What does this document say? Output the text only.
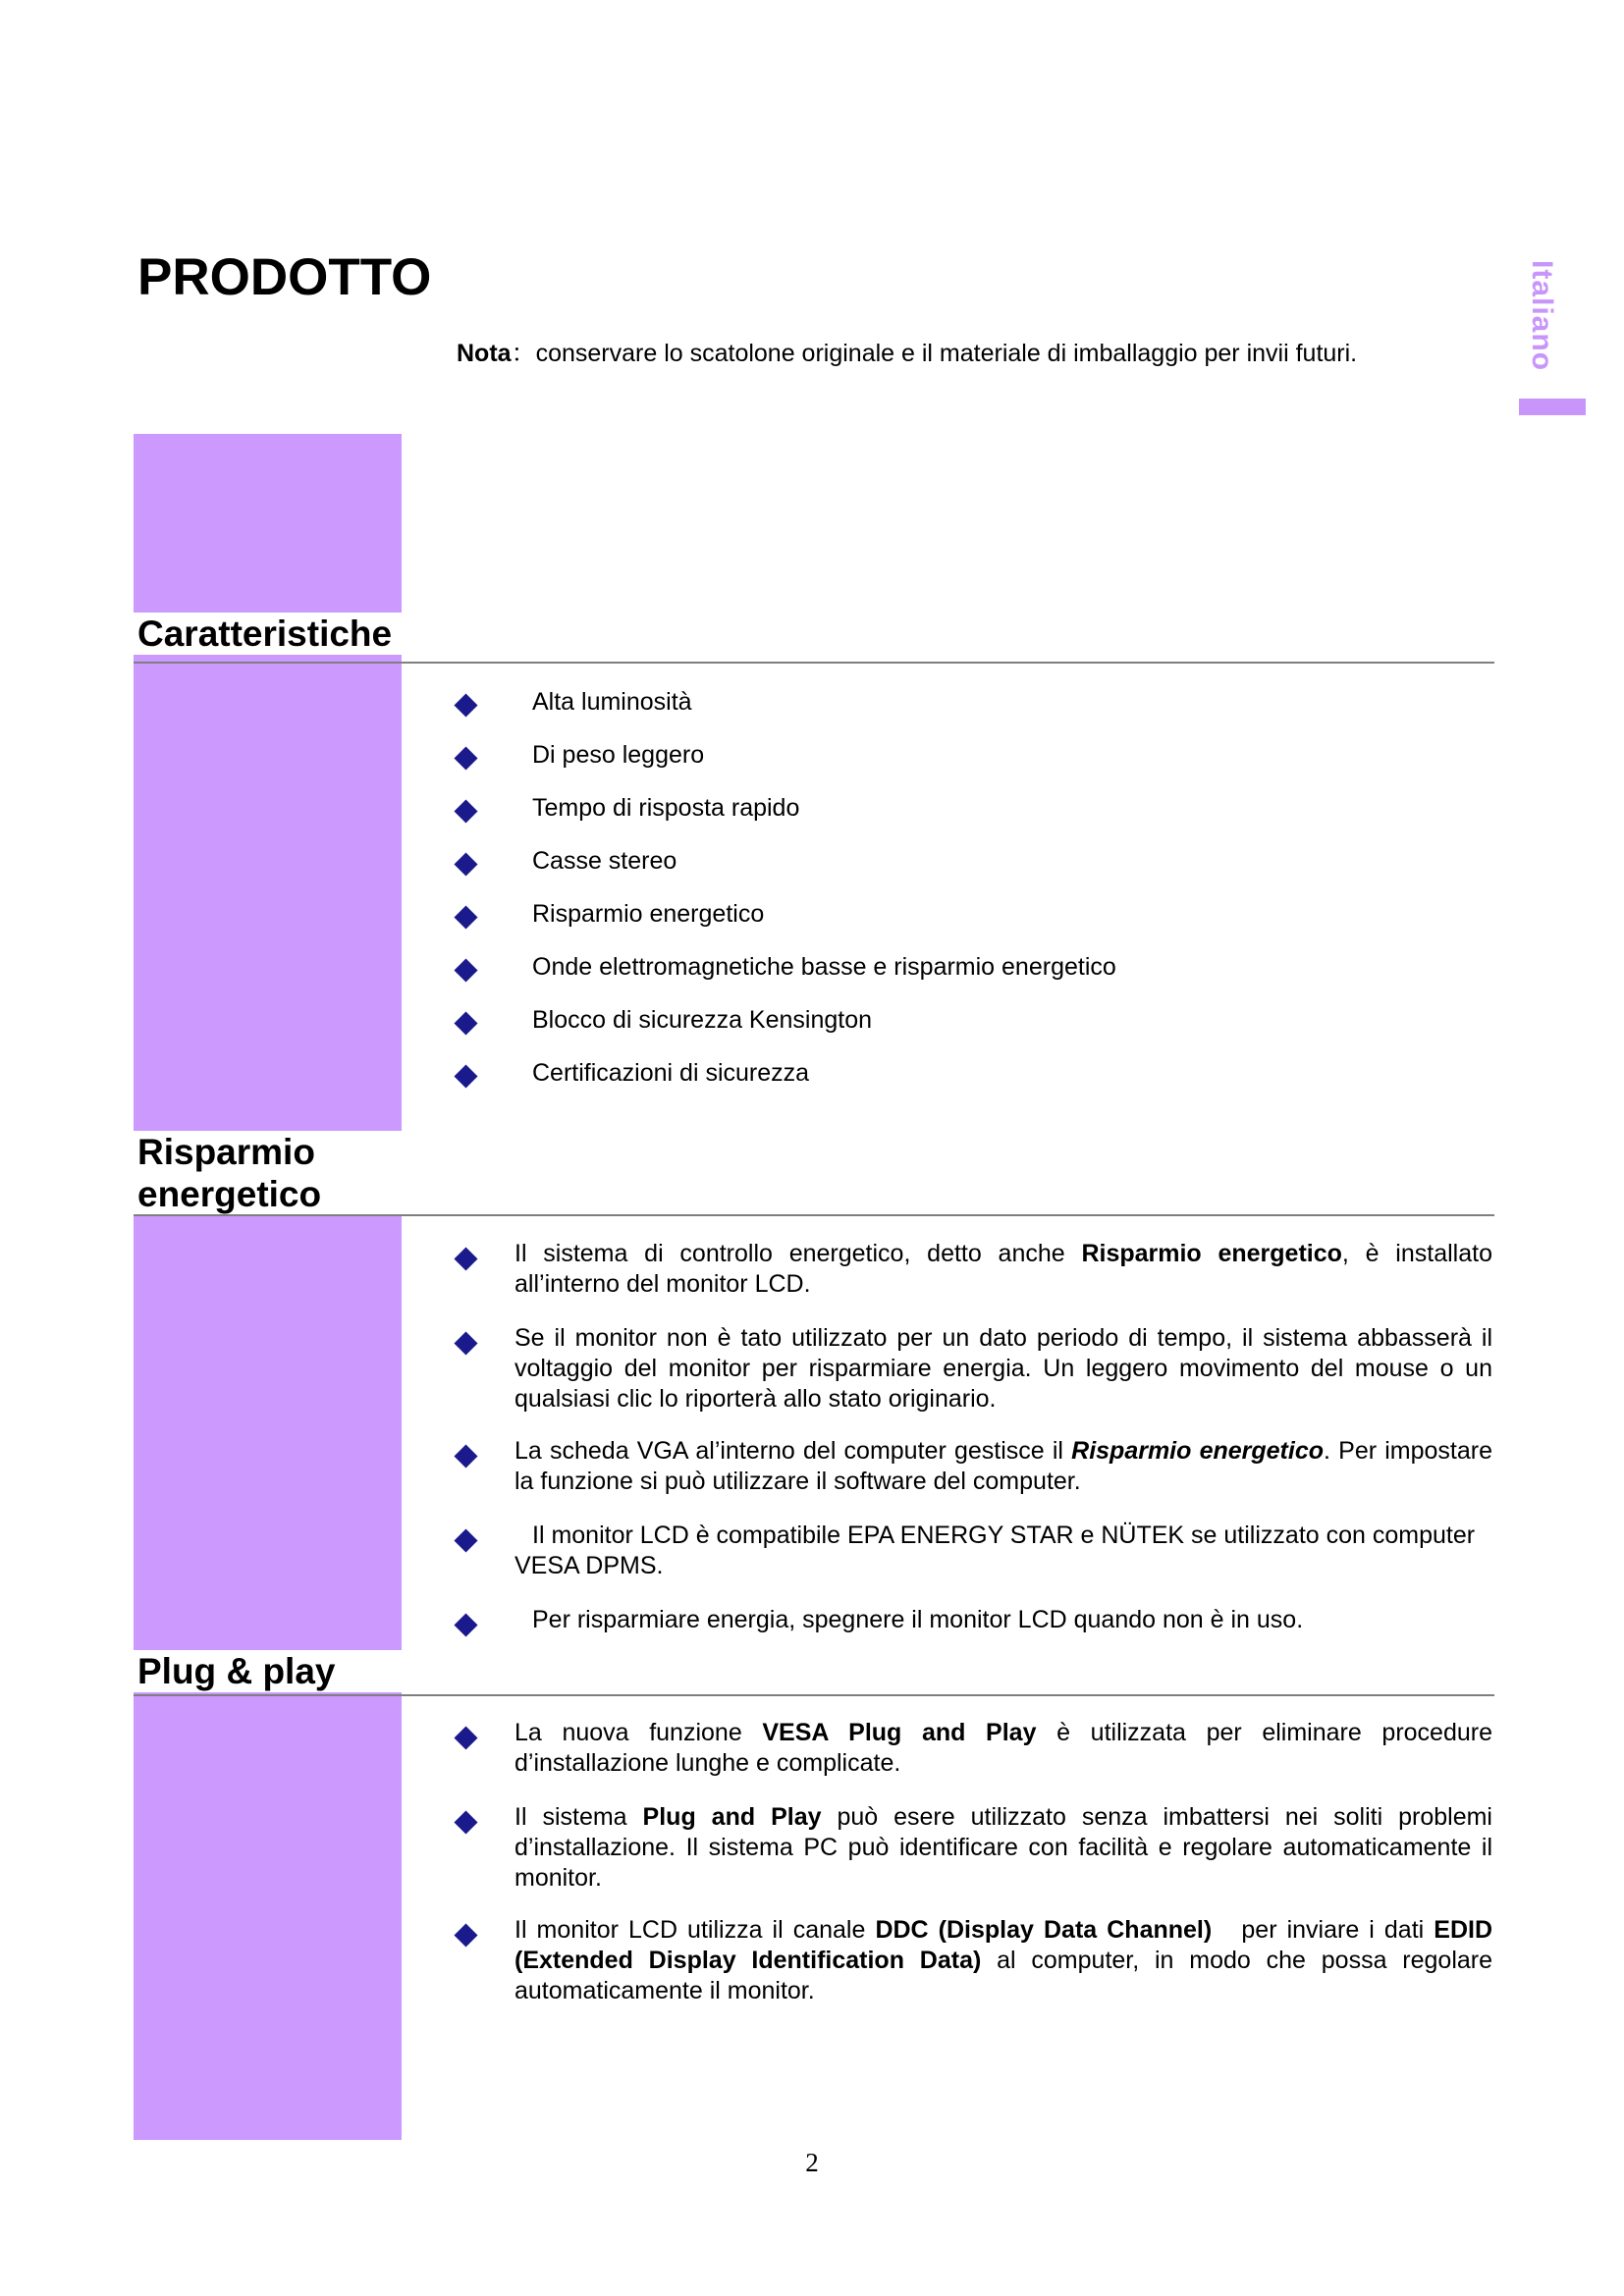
Italiano
PRODOTTO
Nota：conservare lo scatolone originale e il materiale di imballaggio per invii futuri.
Caratteristiche
Alta luminosità
Di peso leggero
Tempo di risposta rapido
Casse stereo
Risparmio energetico
Onde elettromagnetiche basse e risparmio energetico
Blocco di sicurezza Kensington
Certificazioni di sicurezza
Risparmio
energetico
Il sistema di controllo energetico, detto anche Risparmio energetico, è installato all’interno del monitor LCD.
Se il monitor non è tato utilizzato per un dato periodo di tempo, il sistema abbasserà il voltaggio del monitor per risparmiare energia. Un leggero movimento del mouse o un qualsiasi clic lo riporterà allo stato originario.
La scheda VGA al’interno del computer gestisce il Risparmio energetico. Per impostare la funzione si può utilizzare il software del computer.
Il monitor LCD è compatibile EPA ENERGY STAR e NÜTEK se utilizzato con computer VESA DPMS.
Per risparmiare energia, spegnere il monitor LCD quando non è in uso.
Plug & play
La nuova funzione VESA Plug and Play è utilizzata per eliminare procedure d’installazione lunghe e complicate.
Il sistema Plug and Play può esere utilizzato senza imbattersi nei soliti problemi d’installazione. Il sistema PC può identificare con facilità e regolare automaticamente il monitor.
Il monitor LCD utilizza il canale DDC (Display Data Channel)   per inviare i dati EDID (Extended Display Identification Data) al computer, in modo che possa regolare automaticamente il monitor.
2
